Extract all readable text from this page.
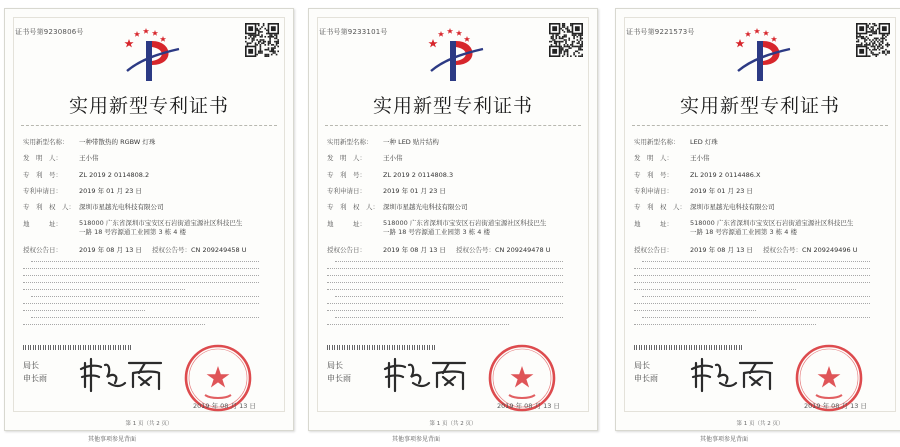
证书号第9230806号
实用新型专利证书
实用新型名称： 一种带散热的 RGBW 灯珠
发　明　人：	王小伟
专　利　号：	ZL 2019 2 0114808.2
专利申请日：	2019 年 01 月 23 日
专　利　权　人： 深圳市星越光电科技有限公司
地　　　址：	518000 广东省深圳市宝安区石岩街道宝源社区科技巴生
一路 18 号容源通工业园第 3 栋 4 楼
授权公告日：	2019 年 08 月 13 日 授权公告号：CN 209249458 U
局长
申长雨
2019 年 08 月 13 日
第 1 页（共 2 页）
其他事项参见背面
证书号第9233101号
实用新型专利证书
实用新型名称： 一种 LED 贴片结构
发　明　人：	王小伟
专　利　号：	ZL 2019 2 0114808.3
专利申请日：	2019 年 01 月 23 日
专　利　权　人： 深圳市星越光电科技有限公司
地　　　址：	518000 广东省深圳市宝安区石岩街道宝源社区科技巴生
一路 18 号容源通工业园第 3 栋 4 楼
授权公告日：	2019 年 08 月 13 日 授权公告号：CN 209249478 U
局长
申长雨
2019 年 08 月 13 日
第 1 页（共 2 页）
其他事项参见背面
证书号第9221573号
实用新型专利证书
实用新型名称： LED 灯珠
发　明　人：	王小伟
专　利　号：	ZL 2019 2 0114486.X
专利申请日：	2019 年 01 月 23 日
专　利　权　人： 深圳市星越光电科技有限公司
地　　　址：	518000 广东省深圳市宝安区石岩街道宝源社区科技巴生
一路 18 号容源通工业园第 3 栋 4 楼
授权公告日：	2019 年 08 月 13 日 授权公告号：CN 209249496 U
局长
申长雨
2019 年 08 月 13 日
第 1 页（共 2 页）
其他事项参见背面
